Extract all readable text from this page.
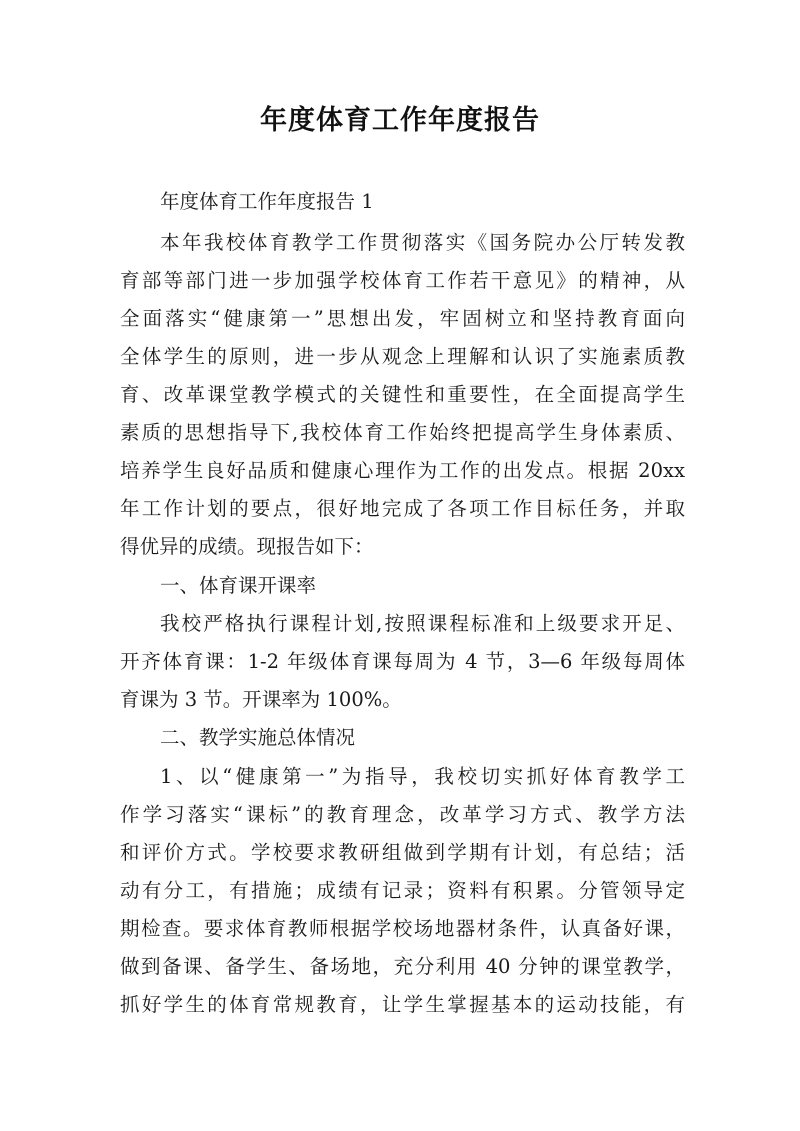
年度体育工作年度报告
年度体育工作年度报告 1
本年我校体育教学工作贯彻落实《国务院办公厅转发教
育部等部门进一步加强学校体育工作若干意见》的精神，从
全面落实“健康第一”思想出发，牢固树立和坚持教育面向
全体学生的原则，进一步从观念上理解和认识了实施素质教
育、改革课堂教学模式的关键性和重要性，在全面提高学生
素质的思想指导下,我校体育工作始终把提高学生身体素质、
培养学生良好品质和健康心理作为工作的出发点。根据 20xx
年工作计划的要点，很好地完成了各项工作目标任务，并取
得优异的成绩。现报告如下：
一、体育课开课率
我校严格执行课程计划,按照课程标准和上级要求开足、
开齐体育课：1-2 年级体育课每周为 4 节，3—6 年级每周体
育课为 3 节。开课率为 100%。
二、教学实施总体情况
1、以“健康第一”为指导，我校切实抓好体育教学工
作学习落实“课标”的教育理念，改革学习方式、教学方法
和评价方式。学校要求教研组做到学期有计划，有总结；活
动有分工，有措施；成绩有记录；资料有积累。分管领导定
期检查。要求体育教师根据学校场地器材条件，认真备好课，
做到备课、备学生、备场地，充分利用 40 分钟的课堂教学，
抓好学生的体育常规教育，让学生掌握基本的运动技能，有
